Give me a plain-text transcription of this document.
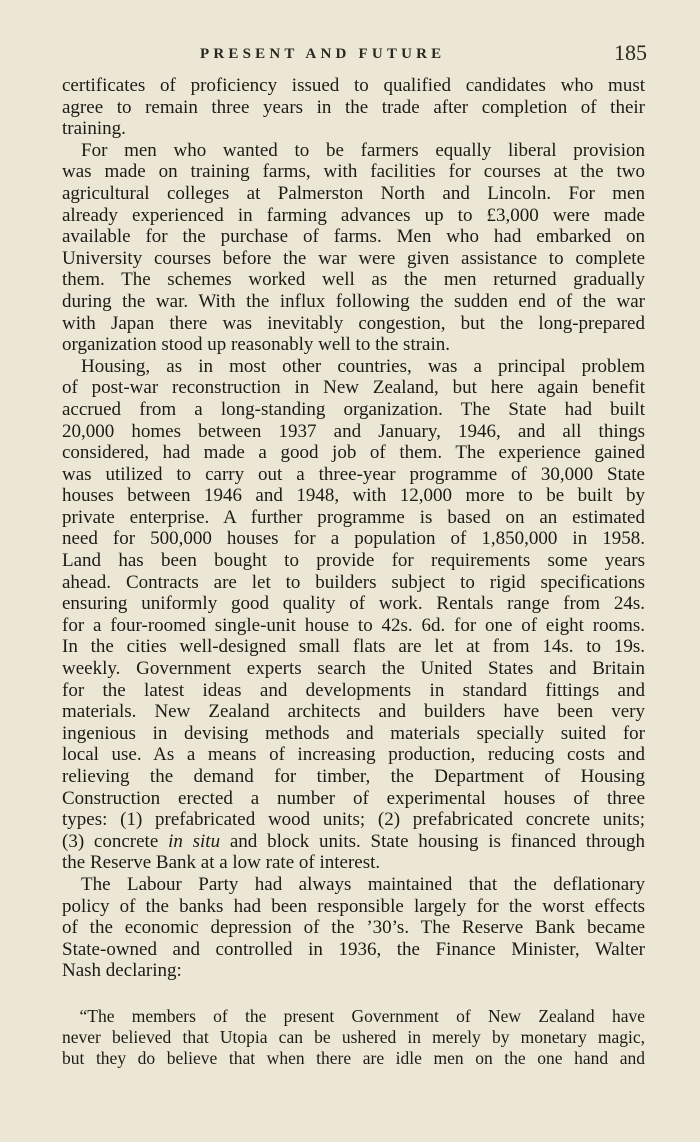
PRESENT AND FUTURE	185
certificates of proficiency issued to qualified candidates who must
agree to remain three years in the trade after completion of their
training.
 For men who wanted to be farmers equally liberal provision
was made on training farms, with facilities for courses at the two
agricultural colleges at Palmerston North and Lincoln. For men
already experienced in farming advances up to £3,000 were made
available for the purchase of farms. Men who had embarked on
University courses before the war were given assistance to complete
them. The schemes worked well as the men returned gradually
during the war. With the influx following the sudden end of the war
with Japan there was inevitably congestion, but the long-prepared
organization stood up reasonably well to the strain.
 Housing, as in most other countries, was a principal problem
of post-war reconstruction in New Zealand, but here again benefit
accrued from a long-standing organization. The State had built
20,000 homes between 1937 and January, 1946, and all things
considered, had made a good job of them. The experience gained
was utilized to carry out a three-year programme of 30,000 State
houses between 1946 and 1948, with 12,000 more to be built by
private enterprise. A further programme is based on an estimated
need for 500,000 houses for a population of 1,850,000 in 1958.
Land has been bought to provide for requirements some years
ahead. Contracts are let to builders subject to rigid specifications
ensuring uniformly good quality of work. Rentals range from 24s.
for a four-roomed single-unit house to 42s. 6d. for one of eight rooms.
In the cities well-designed small flats are let at from 14s. to 19s.
weekly. Government experts search the United States and Britain
for the latest ideas and developments in standard fittings and
materials. New Zealand architects and builders have been very
ingenious in devising methods and materials specially suited for
local use. As a means of increasing production, reducing costs and
relieving the demand for timber, the Department of Housing
Construction erected a number of experimental houses of three
types: (1) prefabricated wood units; (2) prefabricated concrete units;
(3) concrete in situ and block units. State housing is financed through
the Reserve Bank at a low rate of interest.
 The Labour Party had always maintained that the deflationary
policy of the banks had been responsible largely for the worst effects
of the economic depression of the ’30’s. The Reserve Bank became
State-owned and controlled in 1936, the Finance Minister, Walter
Nash declaring:
 “The members of the present Government of New Zealand have
never believed that Utopia can be ushered in merely by monetary magic,
but they do believe that when there are idle men on the one hand and
